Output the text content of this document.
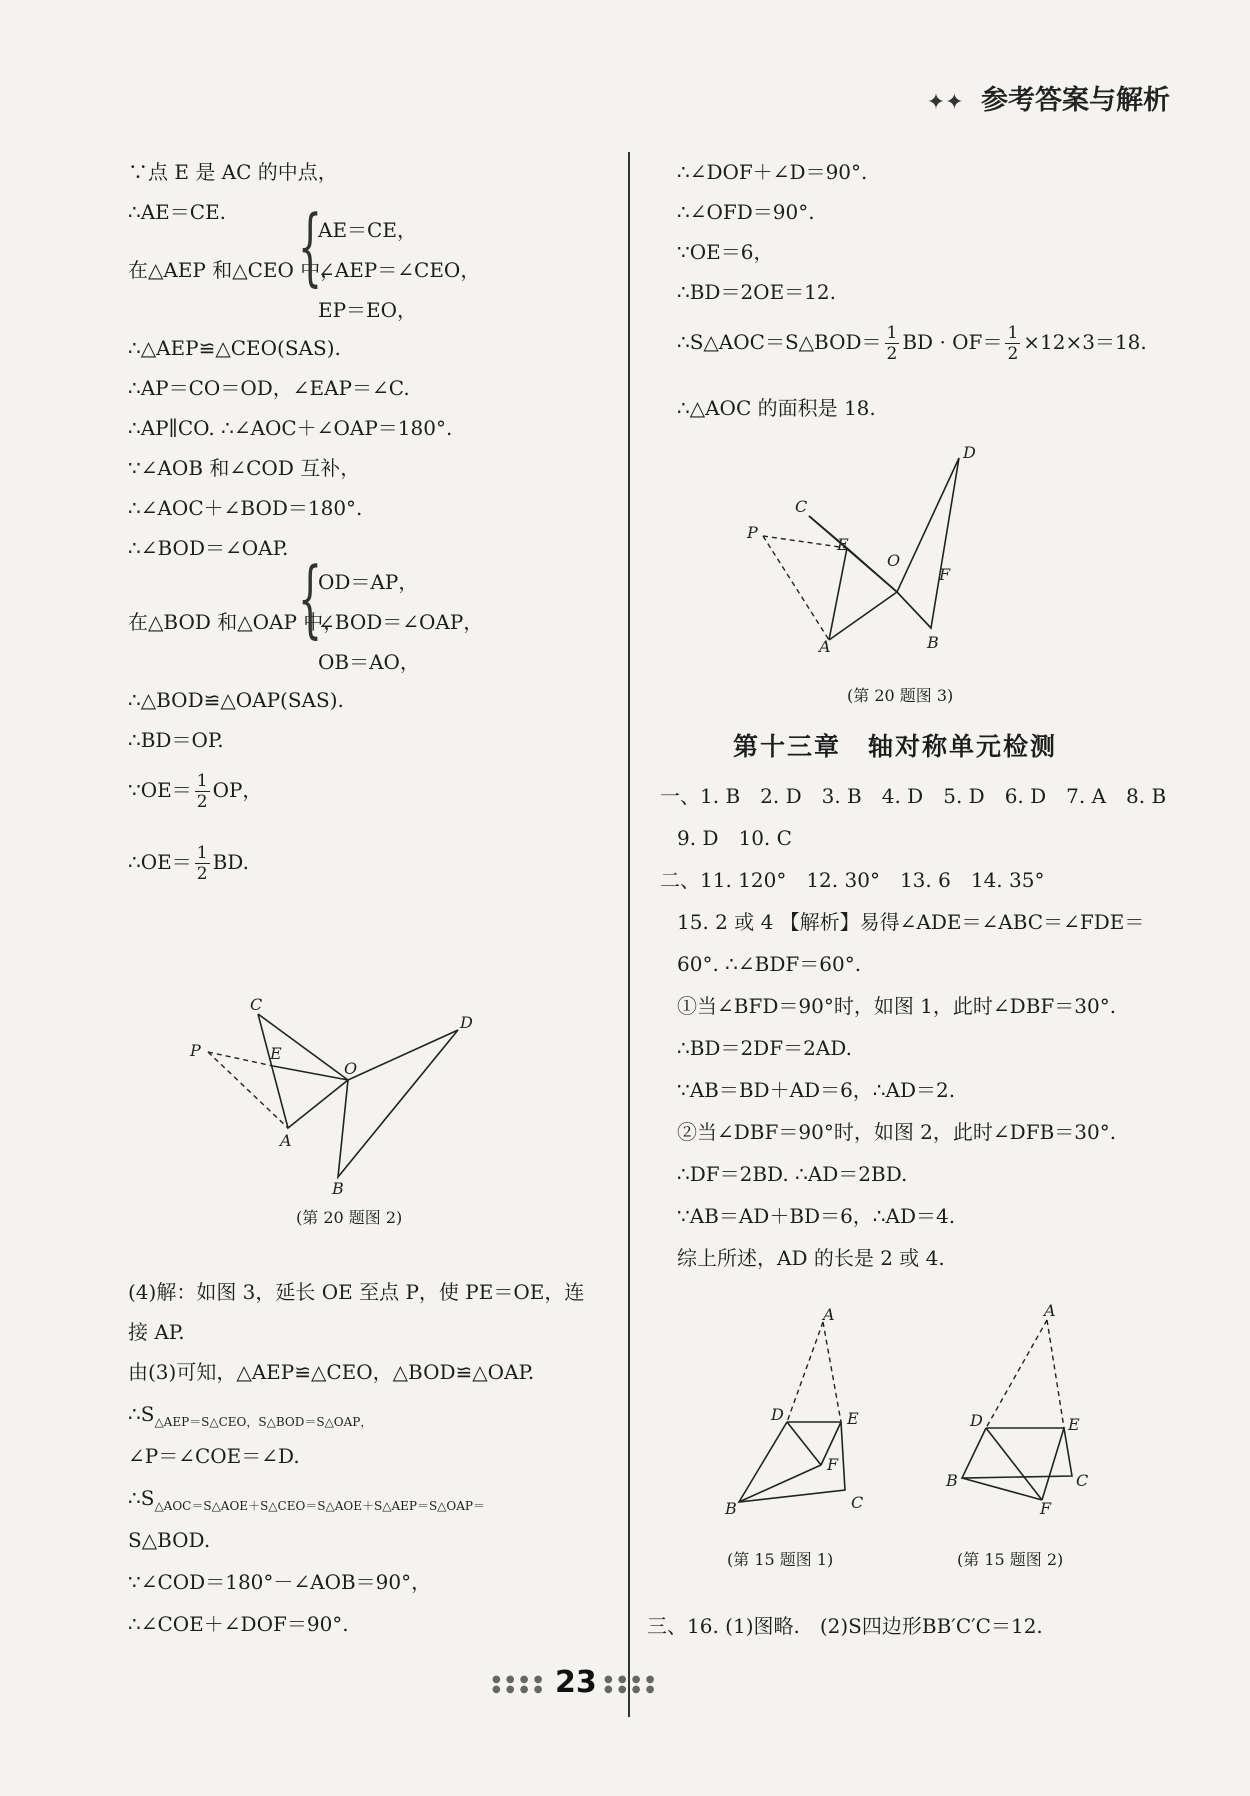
✦✦ 参考答案与解析
∵点 E 是 AC 的中点，
∴AE＝CE.
在△AEP 和△CEO 中，
{
AE＝CE，
∠AEP＝∠CEO，
EP＝EO，
∴△AEP≌△CEO(SAS).
∴AP＝CO＝OD，∠EAP＝∠C.
∴AP∥CO. ∴∠AOC＋∠OAP＝180°.
∵∠AOB 和∠COD 互补，
∴∠AOC＋∠BOD＝180°.
∴∠BOD＝∠OAP.
在△BOD 和△OAP 中，
{
OD＝AP，
∠BOD＝∠OAP，
OB＝AO，
∴△BOD≌△OAP(SAS).
∴BD＝OP.
∵OE＝ $\frac{1}{2}$ OP，
∴OE＝ $\frac{1}{2}$ BD.
C
P	E
O
D
A
B
(第 20 题图 2)
(4)解：如图 3，延长 OE 至点 P，使 PE＝OE，连
接 AP.
由(3)可知，△AEP≌△CEO，△BOD≌△OAP.
$\therefore S_{\triangle AEP=S\triangle CEO,S\triangle BOD=S\triangle OAP,}$
∠P＝∠COE＝∠D.
$\therefore S_{\triangle AOC=S\triangle AOE+S\triangle CEO=S\triangle AOE+S\triangle AEP=S\triangle OAP=}$
S△BOD.
∵∠COD＝180°－∠AOB＝90°，
∴∠COE＋∠DOF＝90°.
∴∠DOF＋∠D＝90°.
∴∠OFD＝90°.
∵OE＝6，
∴BD＝2OE＝12.
∴S△AOC＝S△BOD＝ $\frac{1}{2}$ BD · $OF= \frac{1}{2} \times 12\times 3=18$.
∴△AOC 的面积是 18.
D
C
P
E
O
F
A	B
(第 20 题图 3)
一、1. B　2. D　3. B　4. D　5. D　6. D　7. A　8. B
9. D　10. C
二、11. 120°　12. 30°　13. 6　14. 35°
15. 2 或 4 【解析】易得∠ADE＝∠ABC＝∠FDE＝
60°. ∴∠BDF＝60°.
①当∠BFD＝90°时，如图 1，此时∠DBF＝30°.
∴BD＝2DF＝2AD.
∵AB＝BD＋AD＝6，∴AD＝2.
②当∠DBF＝90°时，如图 2，此时∠DFB＝30°.
∴DF＝2BD. ∴AD＝2BD.
∵AB＝AD＋BD＝6，∴AD＝4.
综上所述，AD 的长是 2 或 4.
A
D	E
F
B	C
(第 15 题图 1)
A
D	E
B	C
F
(第 15 题图 2)
三、16. (1)图略.　(2)S四边形BB′C′C＝12.
第十三章　轴对称单元检测
● ● ● ●
● ● ● ● 23 ● ● ● ●
● ● ● ●
